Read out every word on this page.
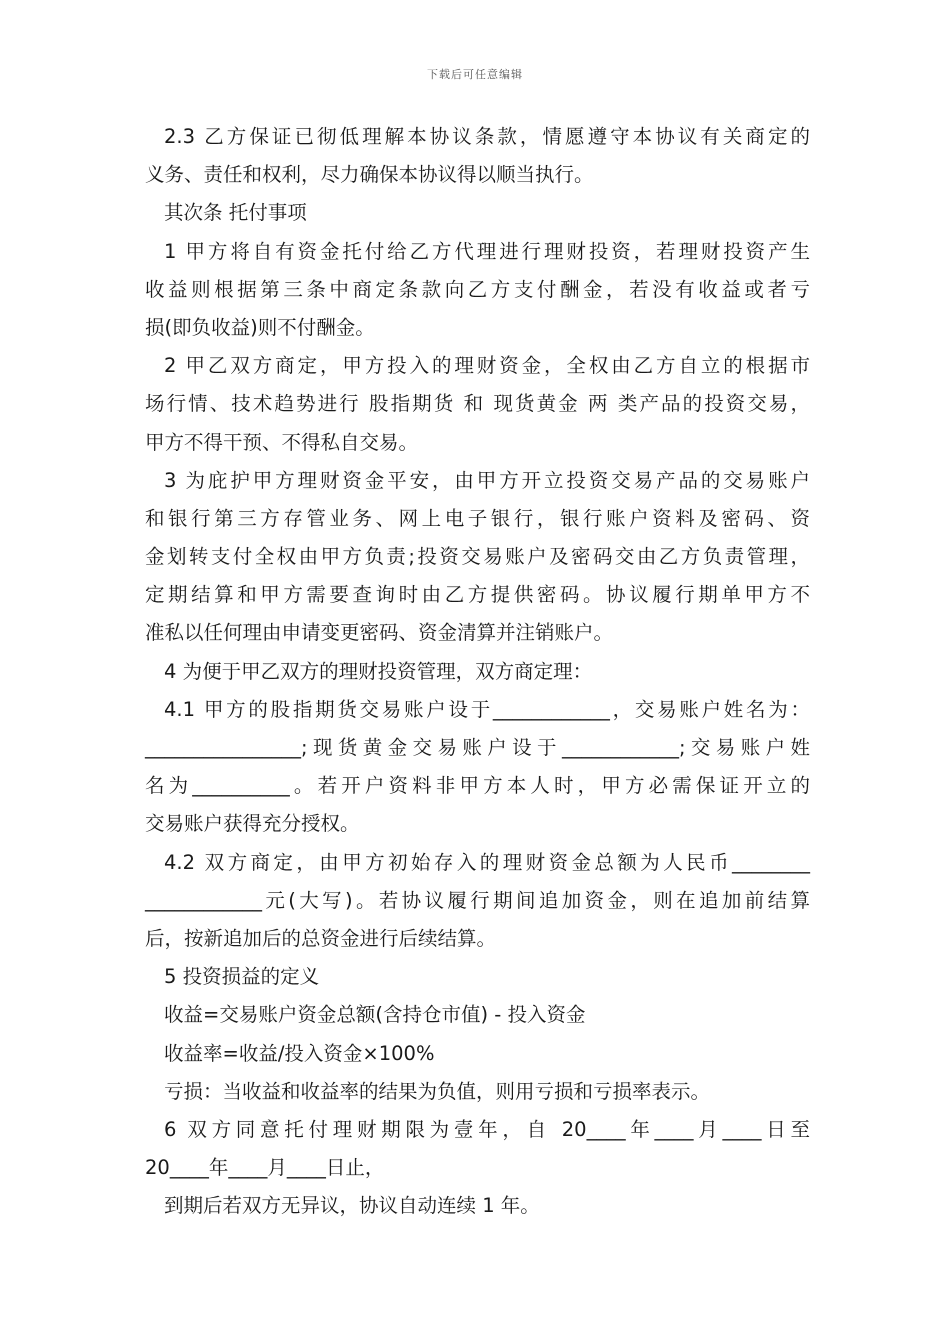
下载后可任意编辑
2.3 乙方保证已彻低理解本协议条款，情愿遵守本协议有关商定的
义务、责任和权利，尽力确保本协议得以顺当执行。
其次条 托付事项
1 甲方将自有资金托付给乙方代理进行理财投资，若理财投资产生
收益则根据第三条中商定条款向乙方支付酬金，若没有收益或者亏
损(即负收益)则不付酬金。
2 甲乙双方商定，甲方投入的理财资金，全权由乙方自立的根据市
场行情、技术趋势进行 股指期货 和 现货黄金 两 类产品的投资交易，
甲方不得干预、不得私自交易。
3 为庇护甲方理财资金平安，由甲方开立投资交易产品的交易账户
和银行第三方存管业务、网上电子银行，银行账户资料及密码、资
金划转支付全权由甲方负责;投资交易账户及密码交由乙方负责管理，
定期结算和甲方需要查询时由乙方提供密码。协议履行期单甲方不
准私以任何理由申请变更密码、资金清算并注销账户。
4 为便于甲乙双方的理财投资管理，双方商定理：
4.1 甲方的股指期货交易账户设于____________，交易账户姓名为：
________________;现货黄金交易账户设于____________;交易账户姓
名为__________。若开户资料非甲方本人时，甲方必需保证开立的
交易账户获得充分授权。
4.2 双方商定，由甲方初始存入的理财资金总额为人民币________
____________元(大写)。若协议履行期间追加资金，则在追加前结算
后，按新追加后的总资金进行后续结算。
5 投资损益的定义
收益=交易账户资金总额(含持仓市值) - 投入资金
收益率=收益/投入资金×100%
亏损：当收益和收益率的结果为负值，则用亏损和亏损率表示。
6 双方同意托付理财期限为壹年，自 20____年____月____日至
20____年____月____日止，
到期后若双方无异议，协议自动连续 1 年。
